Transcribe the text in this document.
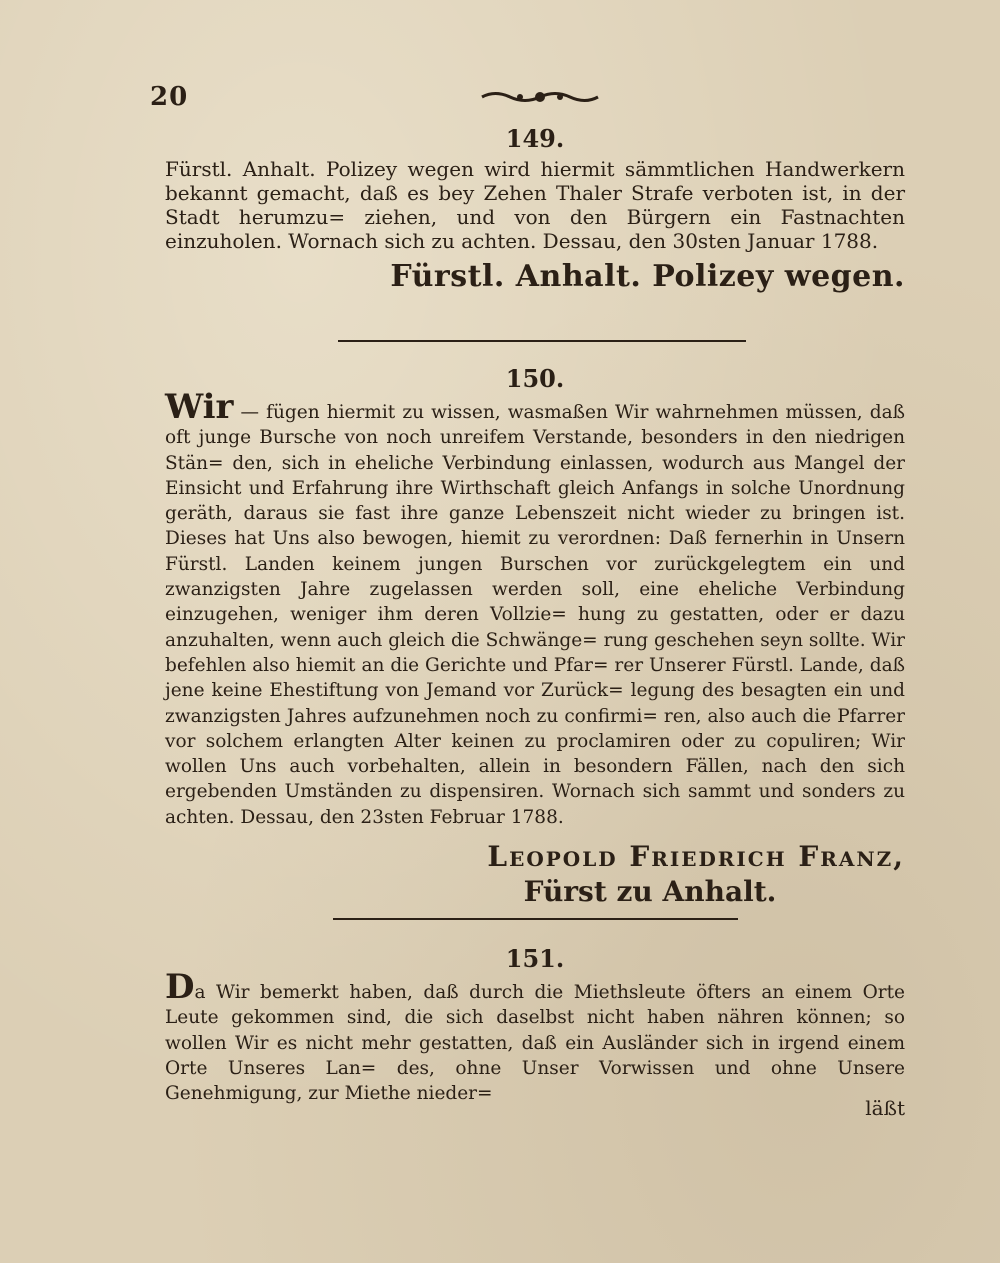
20
149.

Fürstl. Anhalt. Polizey wegen wird hiermit sämmtlichen Handwerkern bekannt gemacht, daß es bey Zehen Thaler Strafe verboten ist, in der Stadt herumzu= ziehen, und von den Bürgern ein Fastnachten einzuholen. Wornach sich zu achten. Dessau, den 30sten Januar 1788.

Fürstl. Anhalt. Polizey wegen.
150.

Wir — fügen hiermit zu wissen, wasmaßen Wir wahrnehmen müssen, daß oft junge Bursche von noch unreifem Verstande, besonders in den niedrigen Stän= den, sich in eheliche Verbindung einlassen, wodurch aus Mangel der Einsicht und Erfahrung ihre Wirthschaft gleich Anfangs in solche Unordnung geräth, daraus sie fast ihre ganze Lebenszeit nicht wieder zu bringen ist. Dieses hat Uns also bewogen, hiemit zu verordnen: Daß fernerhin in Unsern Fürstl. Landen keinem jungen Burschen vor zurückgelegtem ein und zwanzigsten Jahre zugelassen werden soll, eine eheliche Verbindung einzugehen, weniger ihm deren Vollzie= hung zu gestatten, oder er dazu anzuhalten, wenn auch gleich die Schwänge= rung geschehen seyn sollte. Wir befehlen also hiemit an die Gerichte und Pfar= rer Unserer Fürstl. Lande, daß jene keine Ehestiftung von Jemand vor Zurück= legung des besagten ein und zwanzigsten Jahres aufzunehmen noch zu confirmi= ren, also auch die Pfarrer vor solchem erlangten Alter keinen zu proclamiren oder zu copuliren; Wir wollen Uns auch vorbehalten, allein in besondern Fällen, nach den sich ergebenden Umständen zu dispensiren. Wornach sich sammt und sonders zu achten. Dessau, den 23sten Februar 1788.

Leopold Friedrich Franz,
Fürst zu Anhalt.
151.

Da Wir bemerkt haben, daß durch die Miethsleute öfters an einem Orte Leute gekommen sind, die sich daselbst nicht haben nähren können; so wollen Wir es nicht mehr gestatten, daß ein Ausländer sich in irgend einem Orte Unseres Lan= des, ohne Unser Vorwissen und ohne Unsere Genehmigung, zur Miethe nieder=

läßt
